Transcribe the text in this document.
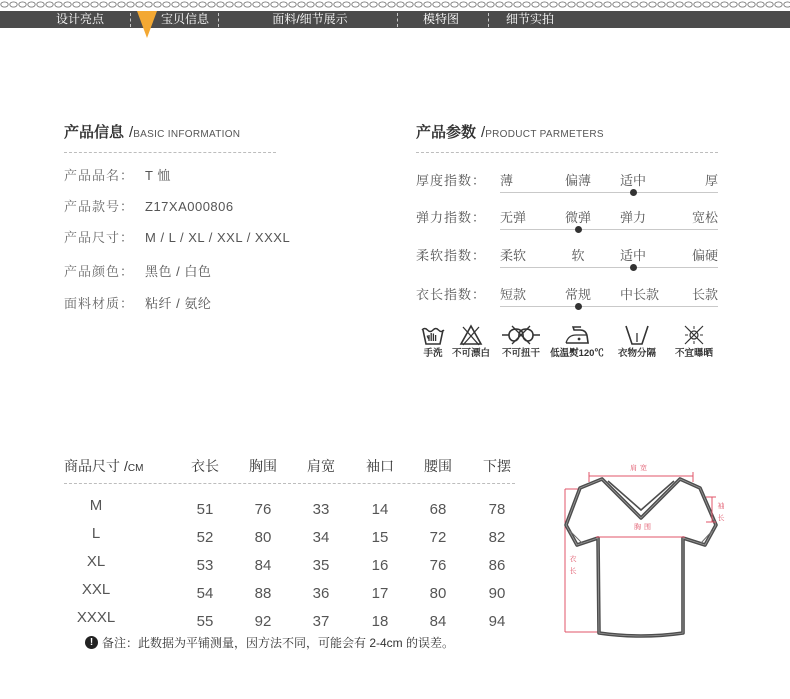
设计亮点	宝贝信息	面料/细节展示	模特图	细节实拍
产品信息 /BASIC INFORMATION
产品品名： T 恤
产品款号： Z17XA000806
产品尺寸： M / L / XL / XXL / XXXL
产品颜色： 黑色 / 白色
面料材质： 粘纤 / 氨纶
产品参数 /PRODUCT PARMETERS
厚度指数： 薄	偏薄 适中	厚
弹力指数： 无弹	微弹 弹力	宽松
柔软指数： 柔软	软	适中	偏硬
衣长指数： 短款	常规 中长款	长款
手洗 不可漂白 不可扭干 低温熨120℃ 衣物分隔 不宜曝晒
商品尺寸 /CM	衣长 胸围 肩宽 袖口 腰围 下摆
M	51	76	33	14	68	78
L	52	80	34	15	72	82
XL	53	84	35	16	76	86
XXL	54	88	36	17	80	90
XXXL	55	92	37	18	84	94
!备注：此数据为平铺测量，因方法不同，可能会有 2-4cm 的误差。
肩宽
袖长
胸围
衣长
